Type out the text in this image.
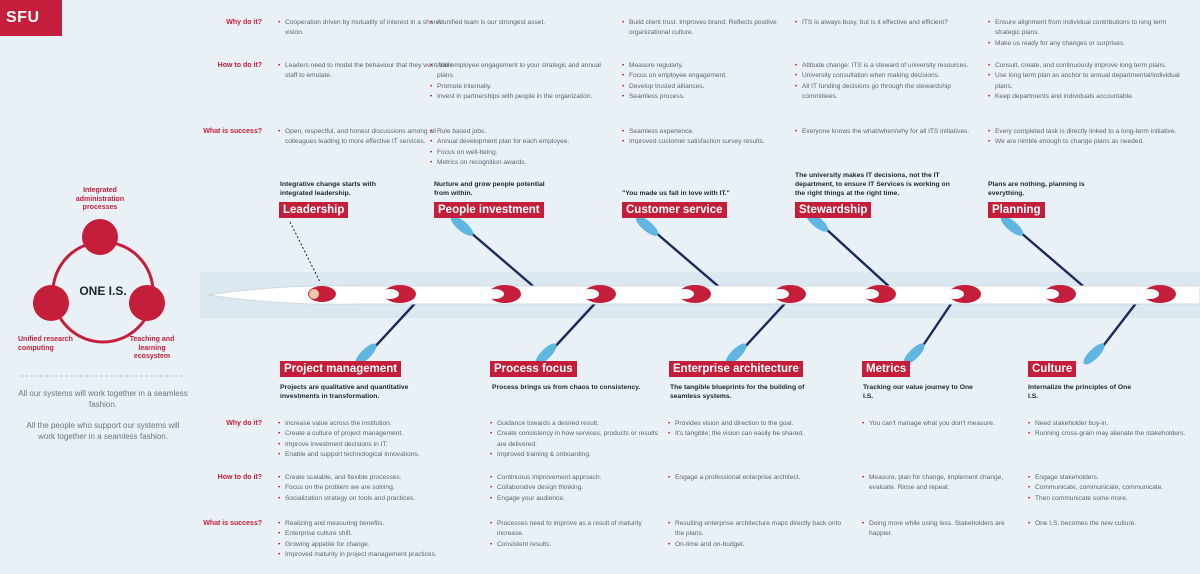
SFU
Integrated administration processes
ONE I.S.
Unified research computing
Teaching and learning ecosystem
All our systems will work together in a seamless fashion.
All the people who support our systems will work together in a seamless fashion.
Why do it?
How to do it?
What is success?
Why do it?
How to do it?
What is success?
• Cooperation driven by mutuality of interest in a shared vision.
• Leaders need to model the behaviour that they want their staff to emulate.
• Open, respectful, and honest discussions among all colleagues leading to more effective IT services.
• A unified team is our strongest asset.
• Add employee engagement to your strategic and annual plans.
• Promote internally.
• Invest in partnerships with people in the organization.
• Role based jobs.
• Annual development plan for each employee.
• Focus on well-being.
• Metrics on recognition awards.
• Build client trust. Improves brand. Reflects positive organizational culture.
• Measure regularly.
• Focus on employee engagement.
• Develop trusted alliances.
• Seamless process.
• Seamless experience.
• Improved customer satisfaction survey results.
• ITS is always busy, but is it effective and efficient?
• Attitude change: ITS is a steward of university resources.
• University consultation when making decisions.
• All IT funding decisions go through the stewardship committees.
• Everyone knows the what/when/why for all ITS initiatives.
• Ensure alignment from individual contributions to long term strategic plans.
• Make us ready for any changes or surprises.
• Consult, create, and continuously improve long term plans.
• Use long term plan as anchor to annual departmental/individual plans.
• Keep departments and individuals accountable.
• Every completed task is directly linked to a long-term initiative.
• We are nimble enough to change plans as needed.
Integrative change starts with integrated leadership.
Leadership
Nurture and grow people potential from within.
People investment
"You made us fall in love with IT."
Customer service
The university makes IT decisions, not the IT department, to ensure IT Services is working on the right things at the right time.
Stewardship
Plans are nothing, planning is everything.
Planning
Project management
Projects are qualitative and quantitative investments in transformation.
Process focus
Process brings us from chaos to consistency.
Enterprise architecture
The tangible blueprints for the building of seamless systems.
Metrics
Tracking our value journey to One I.S.
Culture
Internalize the principles of One I.S.
• Increase value across the institution.
• Create a culture of project management.
• Improve investment decisions in IT.
• Enable and support technological innovations.
• Create scalable, and flexible processes.
• Focus on the problem we are solving.
• Socialization strategy on tools and practices.
• Realizing and measuring benefits.
• Enterprise culture shift.
• Growing appetite for change.
• Improved maturity in project management practices.
• Guidance towards a desired result.
• Create consistency in how services, products or results are delivered.
• Improved training & onboarding.
• Continuous improvement approach.
• Collaborative design thinking.
• Engage your audience.
• Processes need to improve as a result of maturity increase.
• Consistent results.
• Provides vision and direction to the goal.
• It's tangible; the vision can easily be shared.
• Engage a professional enterprise architect.
• Resulting enterprise architecture maps directly back onto the plans.
• On-time and on-budget.
• You can't manage what you don't measure.
• Measure, plan for change, implement change, evaluate. Rinse and repeat.
• Doing more while using less. Stakeholders are happier.
• Need stakeholder buy-in.
• Running cross-grain may alienate the stakeholders.
• Engage stakeholders.
• Communicate, communicate, communicate.
• Then communicate some more.
• One I.S. becomes the new culture.
